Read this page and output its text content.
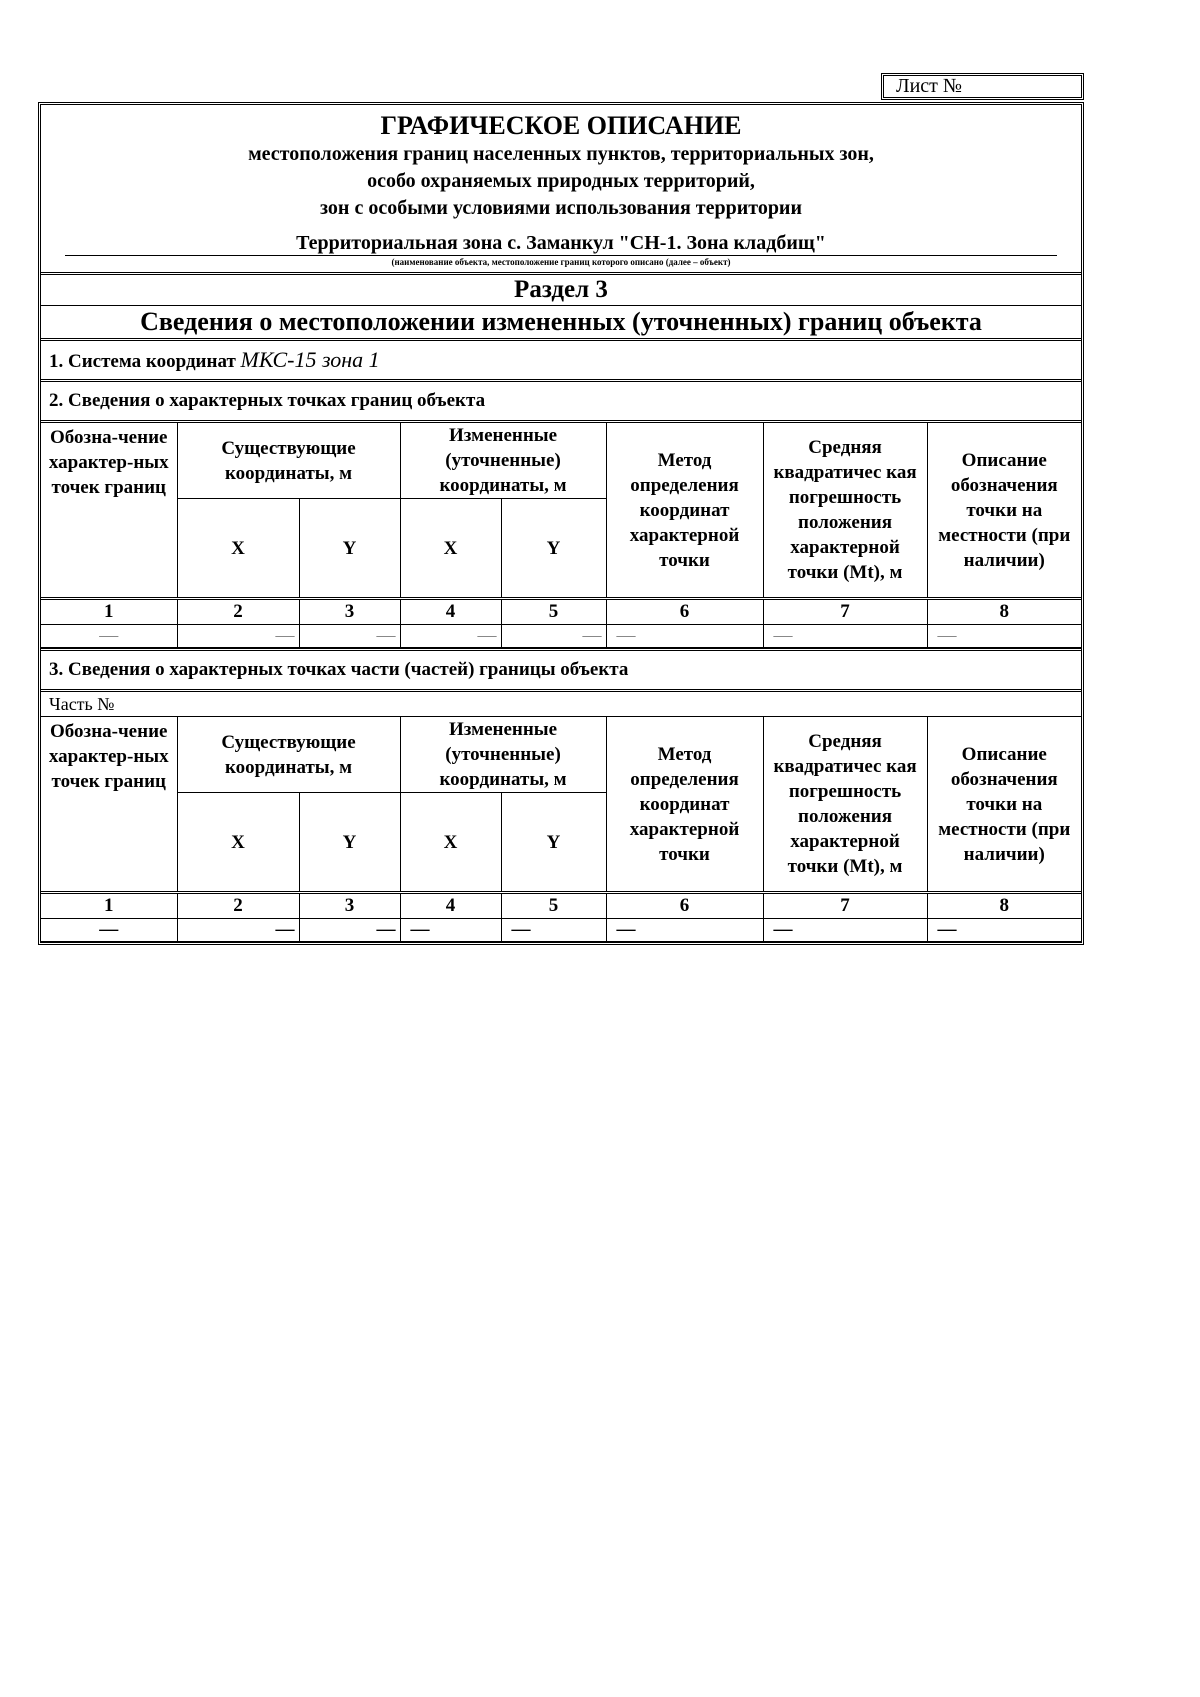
Лист №
ГРАФИЧЕСКОЕ ОПИСАНИЕ
местоположения границ населенных пунктов, территориальных зон,
особо охраняемых природных территорий,
зон с особыми условиями использования территории
Территориальная зона с. Заманкул "СН-1. Зона кладбищ"
(наименование объекта, местоположение границ которого описано (далее – объект)
Раздел 3
Сведения о местоположении измененных (уточненных) границ объекта
1. Система координат МКС-15 зона 1
2. Сведения о характерных точках границ объекта
Обозна-чение характер-ных точек границ	Существующие координаты, м		Измененные (уточненные) координаты, м		Метод определения координат характерной точки	Средняя квадратичес кая погрешность положения характерной точки (Mt), м	Описание обозначения точки на местности (при наличии)
	X	Y	X	Y			
1	2	3	4	5	6	7	8
—	—	—	—	—	—	—	—
3. Сведения о характерных точках части (частей) границы объекта
Часть №
Обозна-чение характер-ных точек границ	Существующие координаты, м		Измененные (уточненные) координаты, м		Метод определения координат характерной точки	Средняя квадратичес кая погрешность положения характерной точки (Mt), м	Описание обозначения точки на местности (при наличии)
	X	Y	X	Y			
1	2	3	4	5	6	7	8
—	—	—	—	—	—	—	—
